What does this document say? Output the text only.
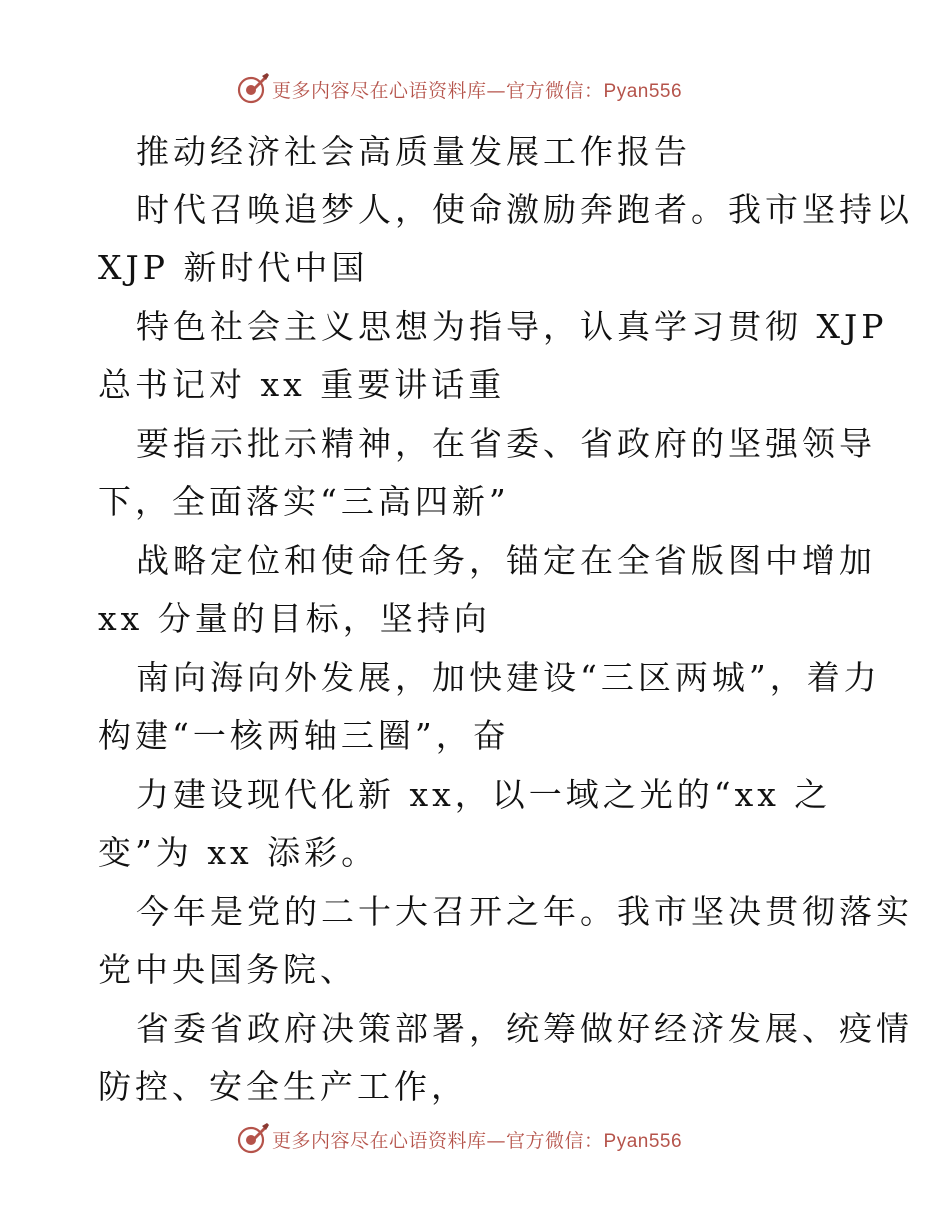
更多内容尽在心语资料库—官方微信：Pyan556
推动经济社会高质量发展工作报告
时代召唤追梦人，使命激励奔跑者。我市坚持以
XJP 新时代中国
特色社会主义思想为指导，认真学习贯彻 XJP
总书记对 xx 重要讲话重
要指示批示精神，在省委、省政府的坚强领导
下，全面落实“三高四新”
战略定位和使命任务，锚定在全省版图中增加
xx 分量的目标，坚持向
南向海向外发展，加快建设“三区两城”，着力
构建“一核两轴三圈”，奋
力建设现代化新 xx，以一域之光的“xx 之
变”为 xx 添彩。
今年是党的二十大召开之年。我市坚决贯彻落实
党中央国务院、
省委省政府决策部署，统筹做好经济发展、疫情
防控、安全生产工作，
更多内容尽在心语资料库—官方微信：Pyan556
